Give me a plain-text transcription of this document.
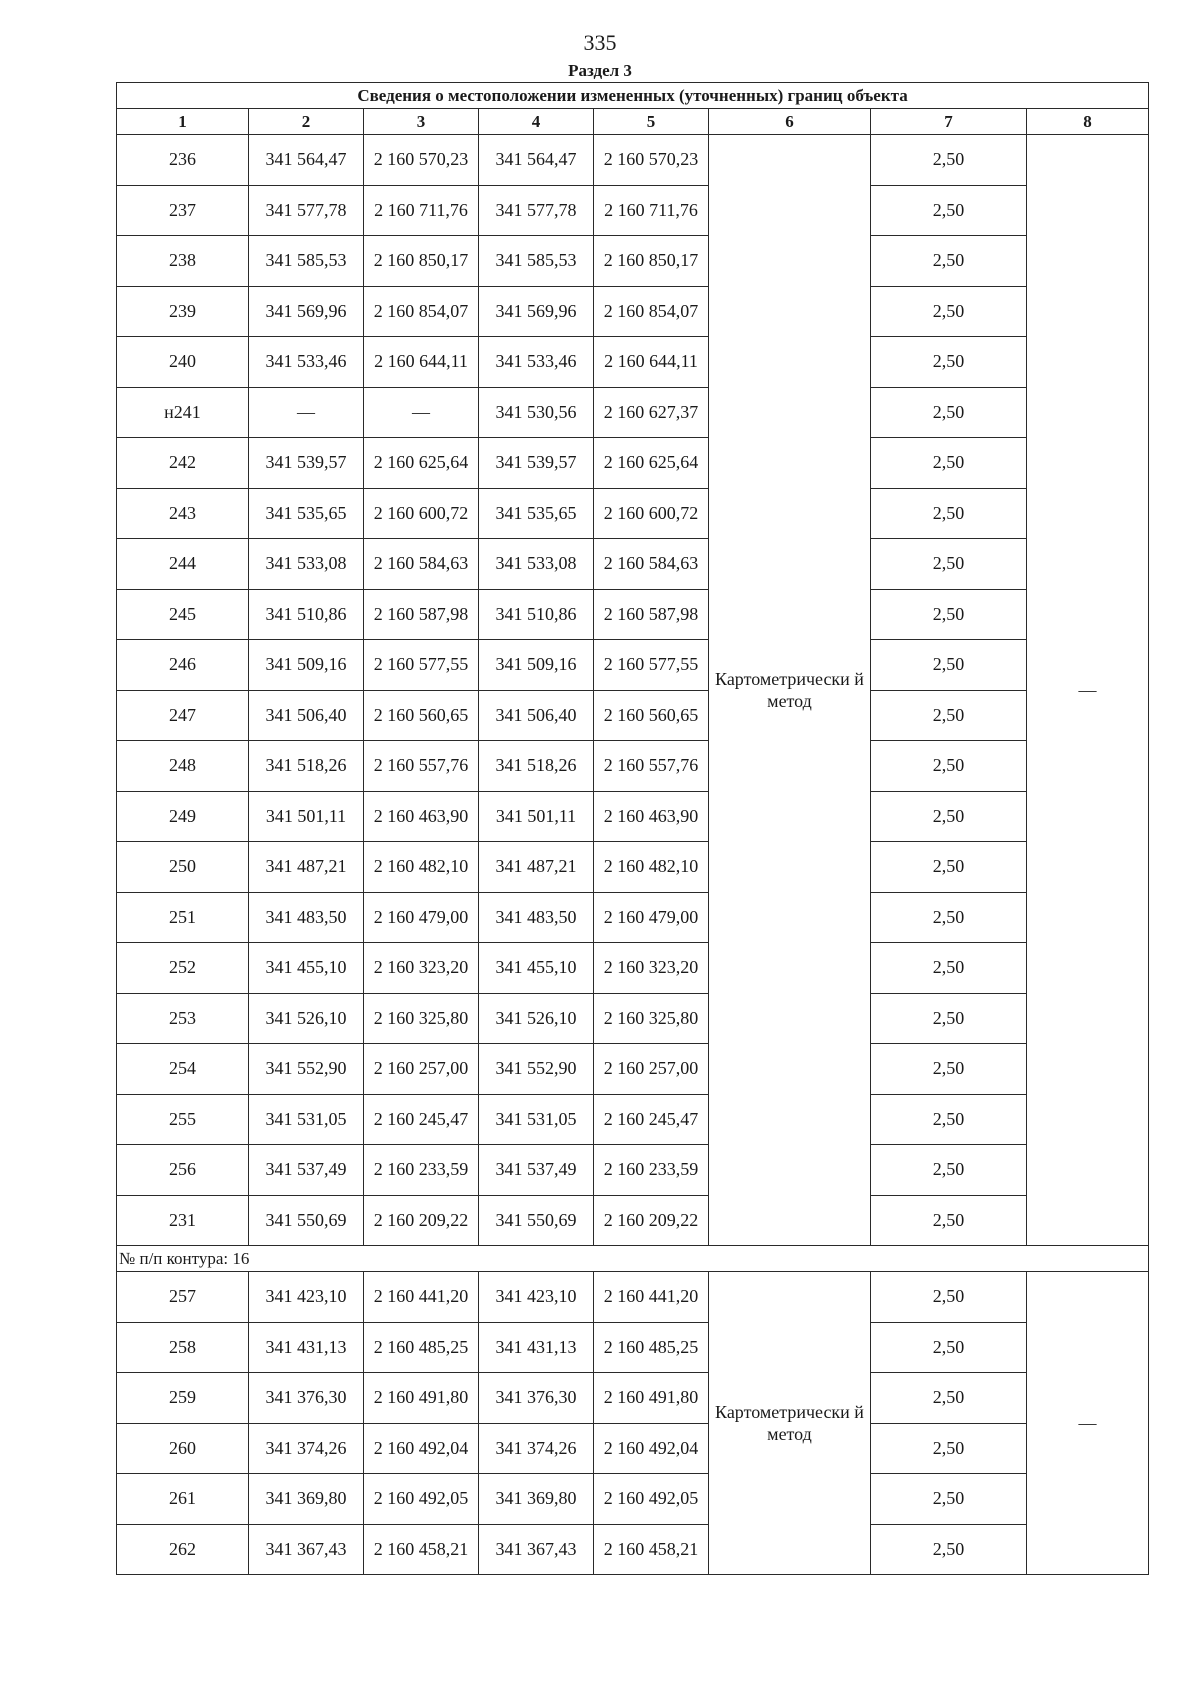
335
Раздел 3
Сведения о местоположении измененных (уточненных) границ объекта							
1	2	3	4	5	6	7	8
236	341 564,47	2 160 570,23	341 564,47	2 160 570,23	Картометрически й метод	2,50	—
237	341 577,78	2 160 711,76	341 577,78	2 160 711,76		2,50	
238	341 585,53	2 160 850,17	341 585,53	2 160 850,17		2,50	
239	341 569,96	2 160 854,07	341 569,96	2 160 854,07		2,50	
240	341 533,46	2 160 644,11	341 533,46	2 160 644,11		2,50	
н241	—	—	341 530,56	2 160 627,37		2,50	
242	341 539,57	2 160 625,64	341 539,57	2 160 625,64		2,50	
243	341 535,65	2 160 600,72	341 535,65	2 160 600,72		2,50	
244	341 533,08	2 160 584,63	341 533,08	2 160 584,63		2,50	
245	341 510,86	2 160 587,98	341 510,86	2 160 587,98		2,50	
246	341 509,16	2 160 577,55	341 509,16	2 160 577,55		2,50	
247	341 506,40	2 160 560,65	341 506,40	2 160 560,65		2,50	
248	341 518,26	2 160 557,76	341 518,26	2 160 557,76		2,50	
249	341 501,11	2 160 463,90	341 501,11	2 160 463,90		2,50	
250	341 487,21	2 160 482,10	341 487,21	2 160 482,10		2,50	
251	341 483,50	2 160 479,00	341 483,50	2 160 479,00		2,50	
252	341 455,10	2 160 323,20	341 455,10	2 160 323,20		2,50	
253	341 526,10	2 160 325,80	341 526,10	2 160 325,80		2,50	
254	341 552,90	2 160 257,00	341 552,90	2 160 257,00		2,50	
255	341 531,05	2 160 245,47	341 531,05	2 160 245,47		2,50	
256	341 537,49	2 160 233,59	341 537,49	2 160 233,59		2,50	
231	341 550,69	2 160 209,22	341 550,69	2 160 209,22		2,50	
№ п/п контура: 16							
257	341 423,10	2 160 441,20	341 423,10	2 160 441,20	Картометрически й метод	2,50	—
258	341 431,13	2 160 485,25	341 431,13	2 160 485,25		2,50	
259	341 376,30	2 160 491,80	341 376,30	2 160 491,80		2,50	
260	341 374,26	2 160 492,04	341 374,26	2 160 492,04		2,50	
261	341 369,80	2 160 492,05	341 369,80	2 160 492,05		2,50	
262	341 367,43	2 160 458,21	341 367,43	2 160 458,21		2,50	
